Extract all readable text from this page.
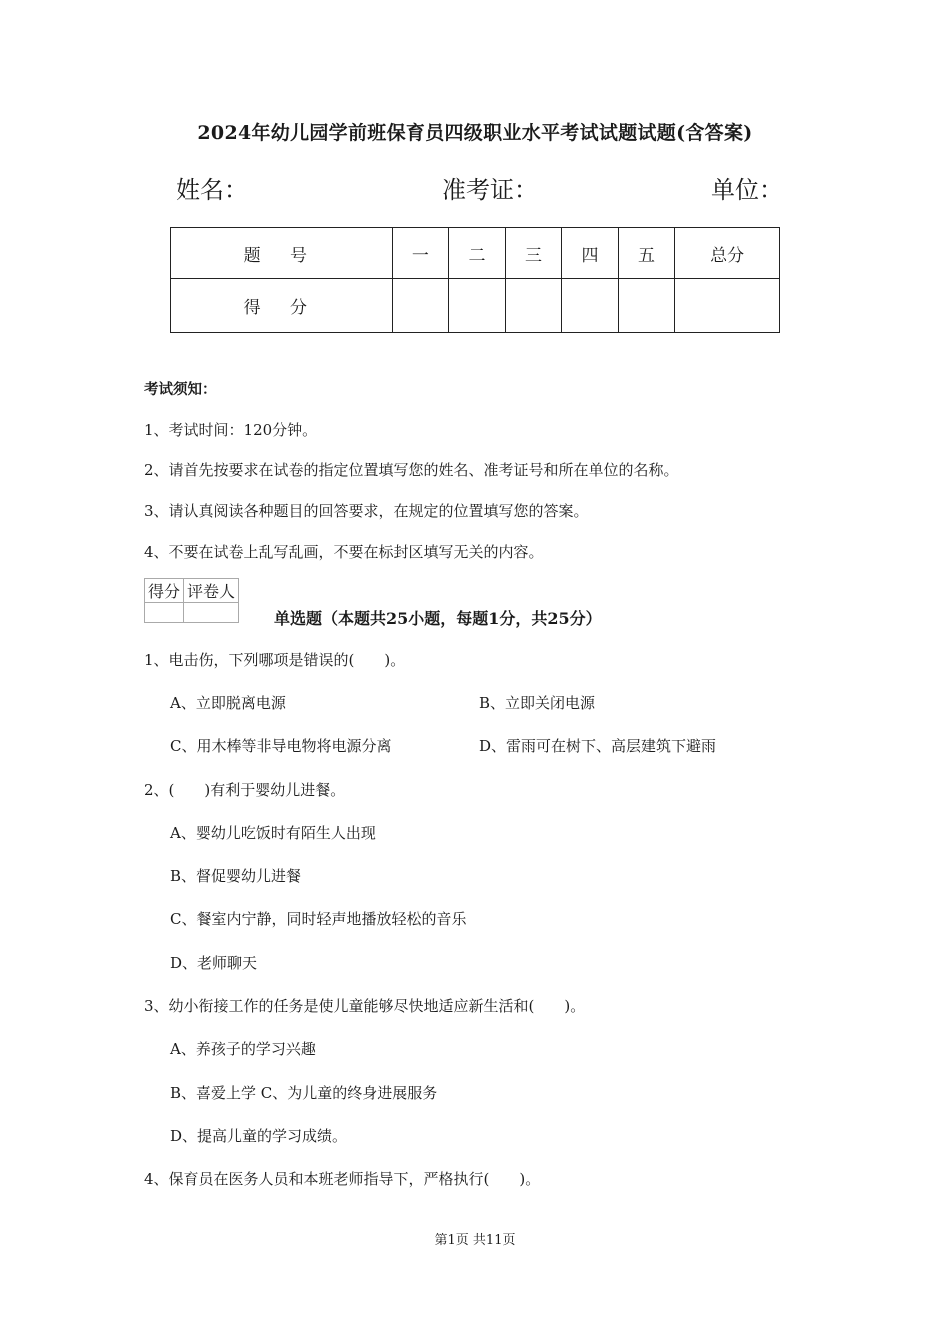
2024年幼儿园学前班保育员四级职业水平考试试题试题(含答案)
姓名：	准考证：	单位：
题 号	一	二	三	四	五	总分
得 分						
考试须知：
1、考试时间：120分钟。
2、请首先按要求在试卷的指定位置填写您的姓名、准考证号和所在单位的名称。
3、请认真阅读各种题目的回答要求，在规定的位置填写您的答案。
4、不要在试卷上乱写乱画，不要在标封区填写无关的内容。
得分	评卷人

单选题（本题共25小题，每题1分，共25分）
1、电击伤，下列哪项是错误的(　　)。
A、立即脱离电源	B、立即关闭电源
C、用木棒等非导电物将电源分离	D、雷雨可在树下、高层建筑下避雨
2、(　　)有利于婴幼儿进餐。
A、婴幼儿吃饭时有陌生人出现
B、督促婴幼儿进餐
C、餐室内宁静，同时轻声地播放轻松的音乐
D、老师聊天
3、幼小衔接工作的任务是使儿童能够尽快地适应新生活和(　　)。
A、养孩子的学习兴趣
B、喜爱上学 C、为儿童的终身进展服务
D、提高儿童的学习成绩。
4、保育员在医务人员和本班老师指导下，严格执行(　　)。
第1页 共11页
